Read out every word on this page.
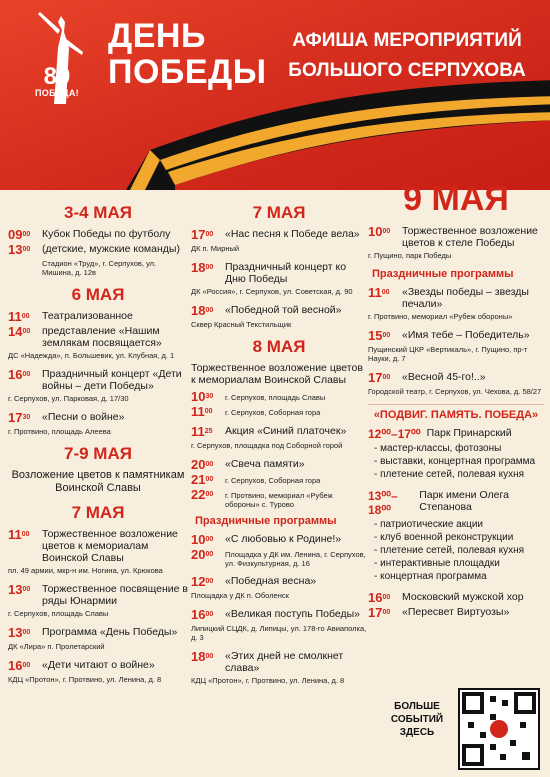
80
ПОБЕДА!
ДЕНЬ
ПОБЕДЫ
АФИША МЕРОПРИЯТИЙ
БОЛЬШОГО СЕРПУХОВА
3-4 МАЯ
$09^{00}$	Кубок Победы по футболу
$13^{00}$	(детские, мужские команды)
Стадион «Труд», г. Серпухов, ул. Мишина, д. 12в
6 МАЯ
$11^{00}$	Театрализованное
$14^{00}$	представление «Нашим землякам посвящается»
ДС «Надежда», п. Большевик, ул. Клубная, д. 1
$16^{00}$	Праздничный концерт «Дети войны – дети Победы»
г. Серпухов, ул. Парковая, д. 17/30
$17^{30}$	«Песни о войне»
г. Протвино, площадь Алеева
7-9 МАЯ
Возложение цветов к памятникам Воинской Славы
7 МАЯ
$11^{00}$	Торжественное возложение цветов к мемориалам Воинской Славы
пл. 49 армии, мкр-н им. Ногина, ул. Крюкова
$13^{00}$	Торжественное посвящение в ряды Юнармии
г. Серпухов, площадь Славы
$13^{00}$	Программа «День Победы»
ДК «Лира» п. Пролетарский
$16^{00}$	«Дети читают о войне»
КДЦ «Протон», г. Протвино, ул. Ленина, д. 8
7 МАЯ
$17^{00}$	«Нас песня к Победе вела»
ДК п. Мирный
$18^{00}$	Праздничный концерт ко Дню Победы
ДК «Россия», г. Серпухов, ул. Советская, д. 90
$18^{00}$	«Победной той весной»
Сквер Красный Текстильщик
8 МАЯ
Торжественное возложение цветов к мемориалам Воинской Славы
$10^{30}$	г. Серпухов, площадь Славы
$11^{00}$	г. Серпухов, Соборная гора
$11^{25}$	Акция «Синий платочек»
г. Серпухов, площадка под Соборной горой
$20^{00}$	«Свеча памяти»
$21^{00}$	г. Серпухов, Соборная гора
$22^{00}$	г. Протвино, мемориал «Рубеж обороны» с. Турово
Праздничные программы
$10^{00}$	«С любовью к Родине!»
$20^{00}$	Площадка у ДК им. Ленина, г. Серпухов, ул. Физкультурная, д. 16
$12^{00}$	«Победная весна»
Площадка у ДК п. Оболенск
$16^{00}$	«Великая поступь Победы»
Липицкий СЦДК, д. Липицы, ул. 178-го Авиаполка, д. 3
$18^{00}$	«Этих дней не смолкнет слава»
КДЦ «Протон», г. Протвино, ул. Ленина, д. 8
9 МАЯ
$10^{00}$	Торжественное возложение цветов к стеле Победы
г. Пущино, парк Победы
Праздничные программы
$11^{00}$	«Звезды победы – звезды печали»
г. Протвино, мемориал «Рубеж обороны»
$15^{00}$	«Имя тебе – Победитель»
Пущинский ЦКР «Вертикаль», г. Пущино, пр-т Науки, д. 7
$17^{00}$	«Весной 45-го!..»
Городской театр, г. Серпухов, ул. Чехова, д. 58/27
«ПОДВИГ. ПАМЯТЬ. ПОБЕДА»
12⁰⁰–17⁰⁰ Парк Принарский
- мастер-классы, фотозоны
- выставки, концертная программа
- плетение сетей, полевая кухня
13⁰⁰–18⁰⁰
Парк имени Олега Степанова
- патриотические акции
- клуб военной реконструкции
- плетение сетей, полевая кухня
- интерактивные площадки
- концертная программа
$16^{00}$	Московский мужской хор
$17^{00}$	«Пересвет Виртуозы»
БОЛЬШЕ СОБЫТИЙ ЗДЕСЬ
